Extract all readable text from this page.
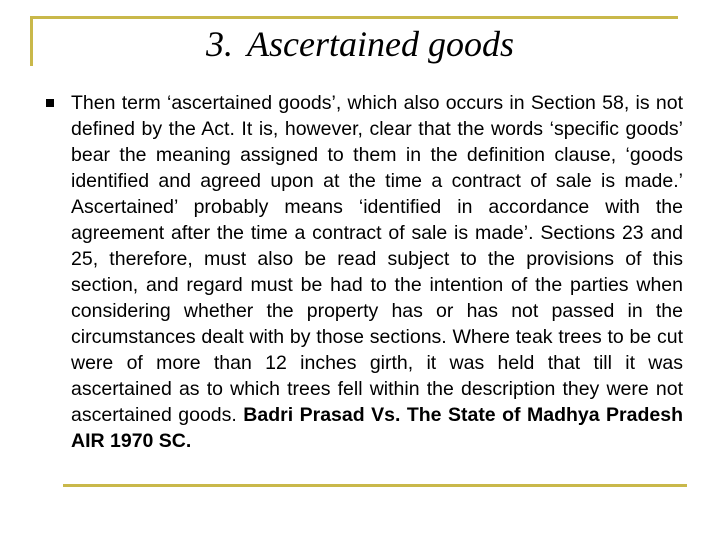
3. Ascertained goods

Then term ‘ascertained goods’, which also occurs in Section 58, is not defined by the Act. It is, however, clear that the words ‘specific goods’ bear the meaning assigned to them in the definition clause, ‘goods identified and agreed upon at the time a contract of sale is made.’ Ascertained’ probably means ‘identified in accordance with the agreement after the time a contract of sale is made’. Sections 23 and 25, therefore, must also be read subject to the provisions of this section, and regard must be had to the intention of the parties when considering whether the property has or has not passed in the circumstances dealt with by those sections. Where teak trees to be cut were of more than 12 inches girth, it was held that till it was ascertained as to which trees fell within the description they were not ascertained goods. Badri Prasad Vs. The State of Madhya Pradesh AIR 1970 SC.
